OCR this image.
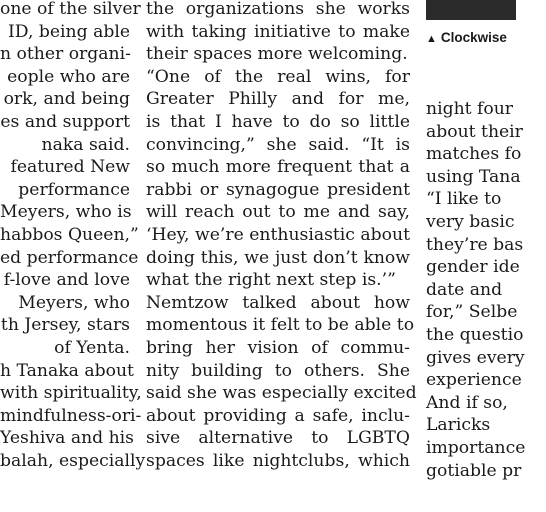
one of the silver
ID, being able
n other organi-
eople who are
ork, and being
es and support
naka said.
featured New
performance
Meyers, who is
habbos Queen,”
ed performance
f-love and love
Meyers, who
th Jersey, stars
of Yenta.
h Tanaka about
with spirituality,
mindfulness-ori-
Yeshiva and his
balah, especially
the organizations she works
with taking initiative to make
their spaces more welcoming.
“One of the real wins, for
Greater Philly and for me,
is that I have to do so little
convincing,” she said. “It is
so much more frequent that a
rabbi or synagogue president
will reach out to me and say,
‘Hey, we’re enthusiastic about
doing this, we just don’t know
what the right next step is.’”
Nemtzow talked about how
momentous it felt to be able to
bring her vision of commu-
nity building to others. She
said she was especially excited
about providing a safe, inclu-
sive alternative to LGBTQ
spaces like nightclubs, which
▲ Clockwise
night four
about their
matches fo
using Tana
“I like to
very basic
they’re bas
gender ide
date and
for,” Selbe
the questio
gives every
experience
And if so,
Laricks
importance
gotiable pr
